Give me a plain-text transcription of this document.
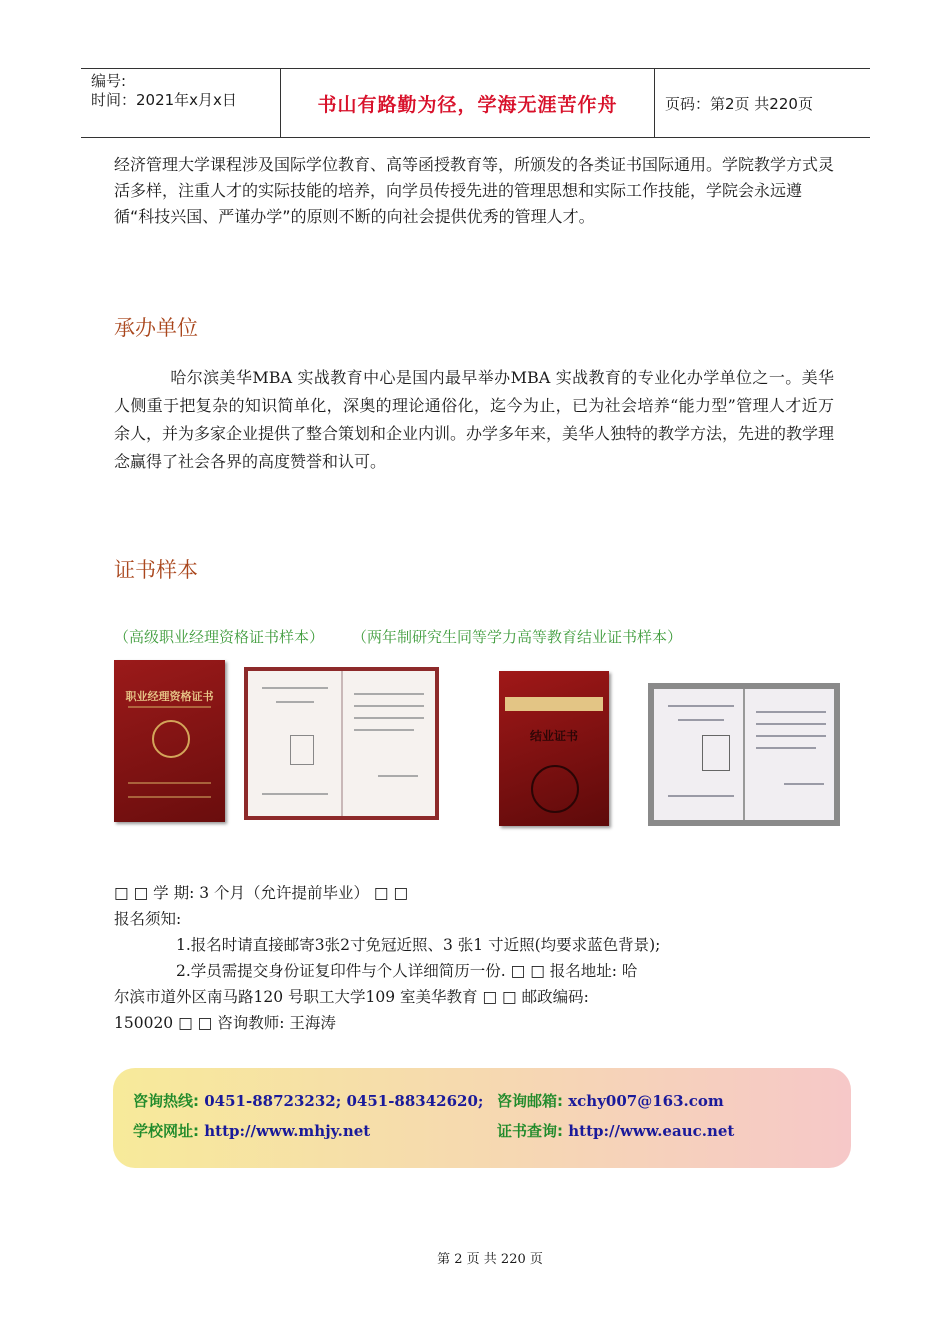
编号:
时间：2021年x月x日	书山有路勤为径，学海无涯苦作舟	页码：第2页 共220页
经济管理大学课程涉及国际学位教育、高等函授教育等，所颁发的各类证书国际通用。学院教学方式灵活多样，注重人才的实际技能的培养，向学员传授先进的管理思想和实际工作技能，学院会永远遵循“科技兴国、严谨办学”的原则不断的向社会提供优秀的管理人才。
承办单位
哈尔滨美华MBA 实战教育中心是国内最早举办MBA 实战教育的专业化办学单位之一。美华人侧重于把复杂的知识简单化，深奥的理论通俗化，迄今为止，已为社会培养“能力型”管理人才近万余人，并为多家企业提供了整合策划和企业内训。办学多年来，美华人独特的教学方法，先进的教学理念赢得了社会各界的高度赞誉和认可。
证书样本
（高级职业经理资格证书样本） （两年制研究生同等学力高等教育结业证书样本）
职业经理资格证书
结业证书
□ □ 学 期: 3 个月（允许提前毕业） □ □
报名须知:
1.报名时请直接邮寄3张2寸免冠近照、3 张1 寸近照(均要求蓝色背景);
2.学员需提交身份证复印件与个人详细简历一份. □ □ 报名地址: 哈
尔滨市道外区南马路120 号职工大学109 室美华教育 □ □ 邮政编码:
150020 □ □ 咨询教师: 王海涛
咨询热线: 0451-88723232; 0451-88342620; 咨询邮箱: xchy007@163.com
学校网址: http://www.mhjy.net	证书查询: http://www.eauc.net
第 2 页 共 220 页
